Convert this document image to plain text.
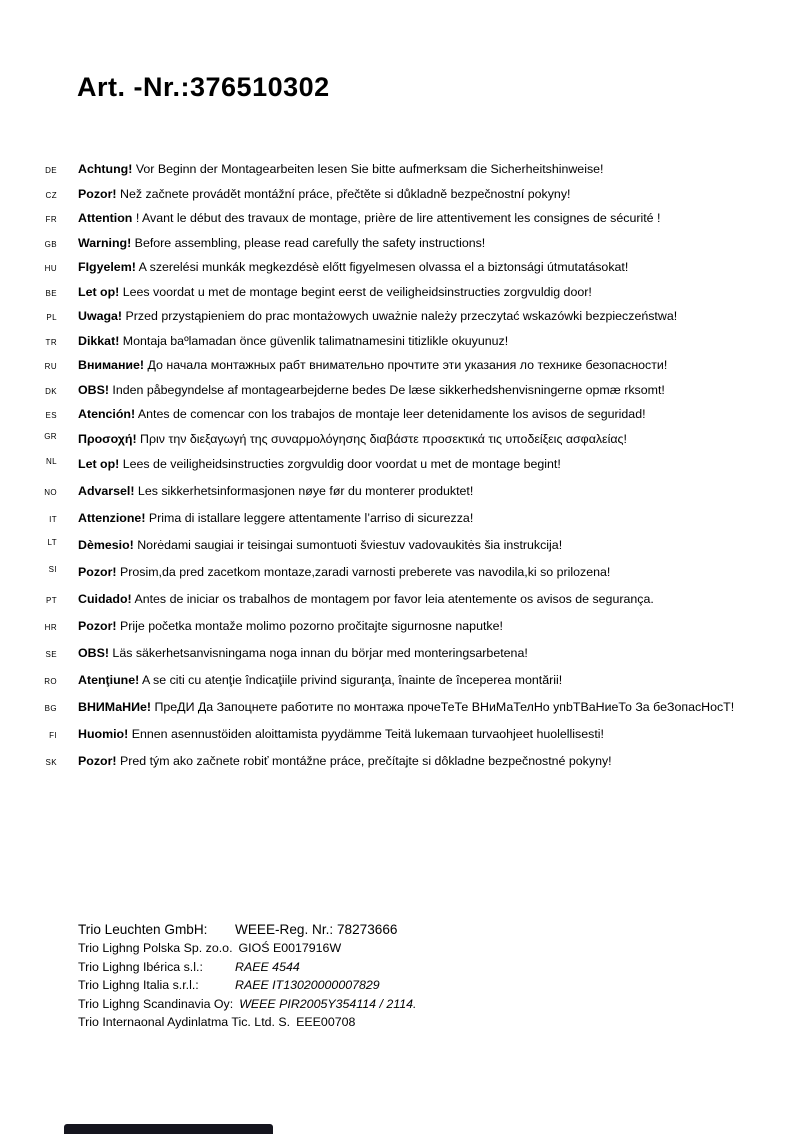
Art. -Nr.:376510302
DE Achtung! Vor Beginn der Montagearbeiten lesen Sie bitte aufmerksam die Sicherheitshinweise!
CZ Pozor! Než začnete provádět montážní práce, přečtěte si důkladně bezpečnostní pokyny!
FR Attention ! Avant le début des travaux de montage, prière de lire attentivement les consignes de sécurité !
GB Warning! Before assembling, please read carefully the safety instructions!
HU FIgyelem! A szerelési munkák megkezdésè előtt figyelmesen olvassa el a biztonsági útmutatásokat!
BE Let op! Lees voordat u met de montage begint eerst de veiligheidsinstructies zorgvuldig door!
PL Uwaga! Przed przystąpieniem do prac montażowych uważnie należy przeczytać wskazówki bezpieczeństwa!
TR Dikkat! Montaja baºlamadan önce güvenlik talimatnamesini titizlikle okuyunuz!
RU Внимание! До начала монтажных рабт внимательно прочтите эти указания ло технике безопасности!
DK OBS! Inden påbegyndelse af montagearbejderne bedes De læse sikkerhedshenvisningerne opmæ rksomt!
ES Atención! Antes de comencar con los trabajos de montaje leer detenidamente los avisos de seguridad!
GR Προσοχή! Πριν την διεξαγωγή της συναρμολόγησης διαβάστε προσεκτικά τις υποδείξεις ασφαλείας!
NL Let op! Lees de veiligheidsinstructies zorgvuldig door voordat u met de montage begint!
NO Advarsel! Les sikkerhetsinformasjonen nøye før du monterer produktet!
IT Attenzione! Prima di istallare leggere attentamente l’arriso di sicurezza!
LT Dèmesio! Norėdami saugiai ir teisingai sumontuoti šviestuv vadovaukitės šia instrukcija!
SI Pozor! Prosim,da pred zacetkom montaze,zaradi varnosti preberete vas navodila,ki so prilozena!
PT Cuidado! Antes de iniciar os trabalhos de montagem por favor leia atentemente os avisos de segurança.
HR Pozor! Prije početka montaže molimo pozorno pročitajte sigurnosne naputke!
SE OBS! Läs säkerhetsanvisningama noga innan du börjar med monteringsarbetena!
RO Atenţiune! A se citi cu atenţie îndicaţiile privind siguranţa, înainte de începerea montării!
BG ВНИМаНИе! ПреДИ Да Запоцнете работите по монтажа прочеТеТе ВНиМаТелНо упbТВаНиеТо За беЗопасНосТ!
FI Huomio! Ennen asennustöiden aloittamista pyydämme Teitä lukemaan turvaohjeet huolellisesti!
SK Pozor! Pred tým ako začnete robiť montážne práce, prečítajte si dôkladne bezpečnostné pokyny!
Trio Leuchten GmbH:	WEEE-Reg. Nr.: 78273666
Trio Lighng Polska Sp. zo.o. GIOŚ E0017916W
Trio Lighng Ibérica s.l.:	RAEE 4544
Trio Lighng Italia s.r.l.:	RAEE IT13020000007829
Trio Lighng Scandinavia Oy: WEEE PIR2005Y354114 / 2114.
Trio Internaonal Aydinlatma Tic. Ltd. S. EEE00708
